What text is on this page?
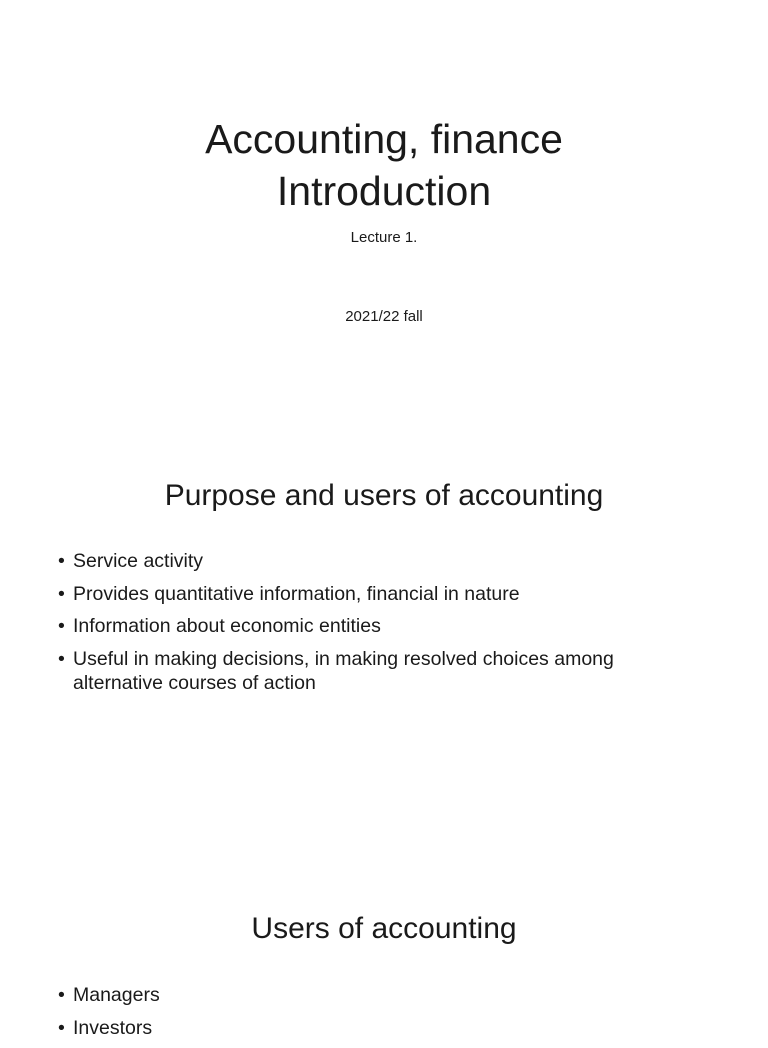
Accounting, finance
Introduction
Lecture 1.
2021/22 fall
Purpose and users of accounting
• Service activity
• Provides quantitative information, financial in nature
• Information about economic entities
• Useful in making decisions, in making resolved choices among alternative courses of action
Users of accounting
• Managers
• Investors
